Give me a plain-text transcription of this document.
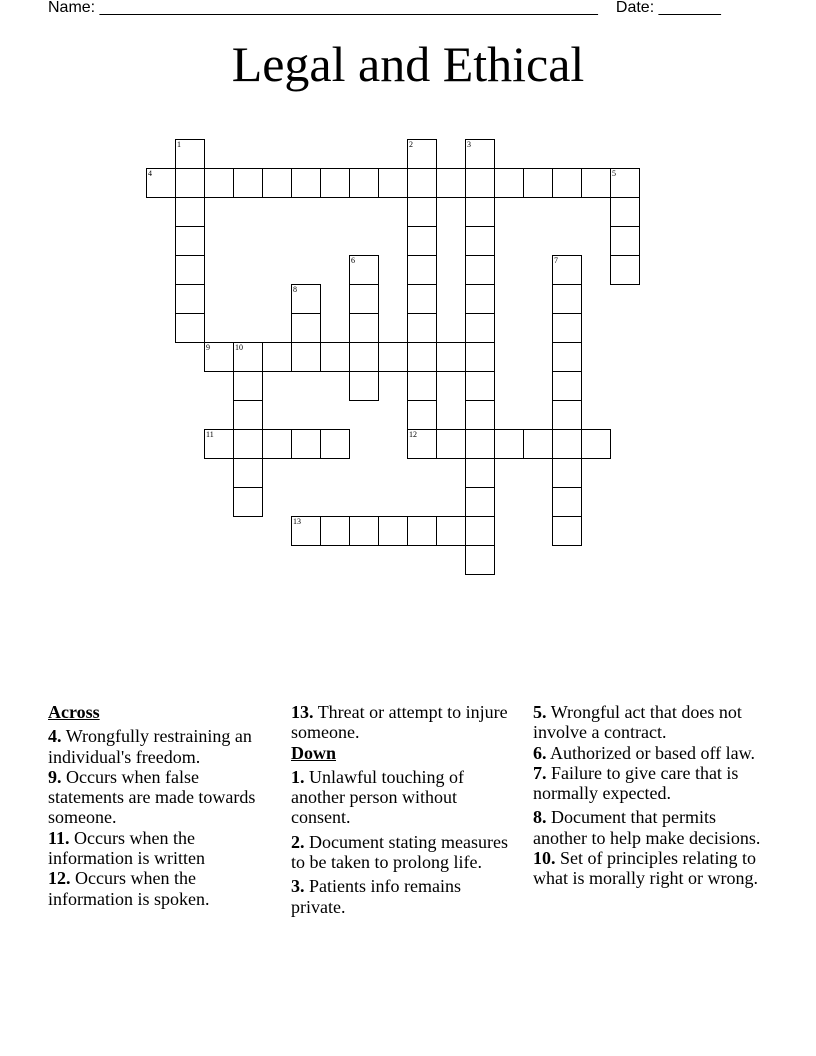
Name: ________________________________________________________ Date: _______
Legal and Ethical
4	5
9	10
11	12
13
1	2	3
6	7
8
Across

4. Wrongfully restraining an individual's freedom.

9. Occurs when false statements are made towards someone.

11. Occurs when the information is written

12. Occurs when the information is spoken.

13. Threat or attempt to injure someone.

Down

1. Unlawful touching of another person without consent.

2. Document stating measures to be taken to prolong life.

3. Patients info remains private.

5. Wrongful act that does not involve a contract.

6. Authorized or based off law.

7. Failure to give care that is normally expected.

8. Document that permits another to help make decisions.

10. Set of principles relating to what is morally right or wrong.
